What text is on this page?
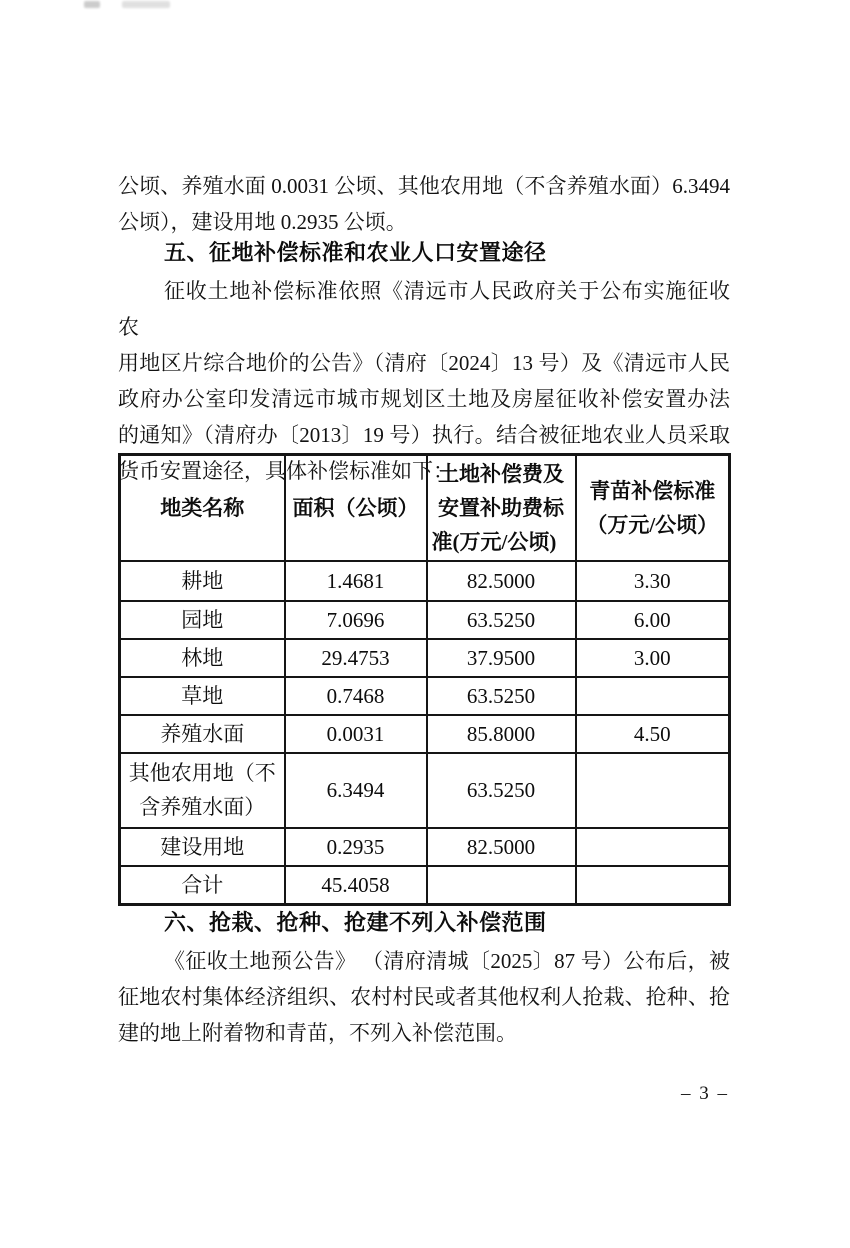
公顷、养殖水面 0.0031 公顷、其他农用地（不含养殖水面）6.3494
公顷），建设用地 0.2935 公顷。
五、征地补偿标准和农业人口安置途径
征收土地补偿标准依照《清远市人民政府关于公布实施征收农
用地区片综合地价的公告》（清府〔2024〕13 号）及《清远市人民
政府办公室印发清远市城市规划区土地及房屋征收补偿安置办法
的通知》（清府办〔2013〕19 号）执行。结合被征地农业人员采取
货币安置途径，具体补偿标准如下：
地类名称	面积（公顷）	土地补偿费及安置补助费标准(万元/公顷)	青苗补偿标准（万元/公顷）
耕地	1.4681	82.5000	3.30
园地	7.0696	63.5250	6.00
林地	29.4753	37.9500	3.00
草地	0.7468	63.5250	
养殖水面	0.0031	85.8000	4.50
其他农用地（不含养殖水面）	6.3494	63.5250	
建设用地	0.2935	82.5000	
合计	45.4058		
六、抢栽、抢种、抢建不列入补偿范围
《征收土地预公告》 （清府清城〔2025〕87 号）公布后，被
征地农村集体经济组织、农村村民或者其他权利人抢栽、抢种、抢
建的地上附着物和青苗，不列入补偿范围。
– 3 –
